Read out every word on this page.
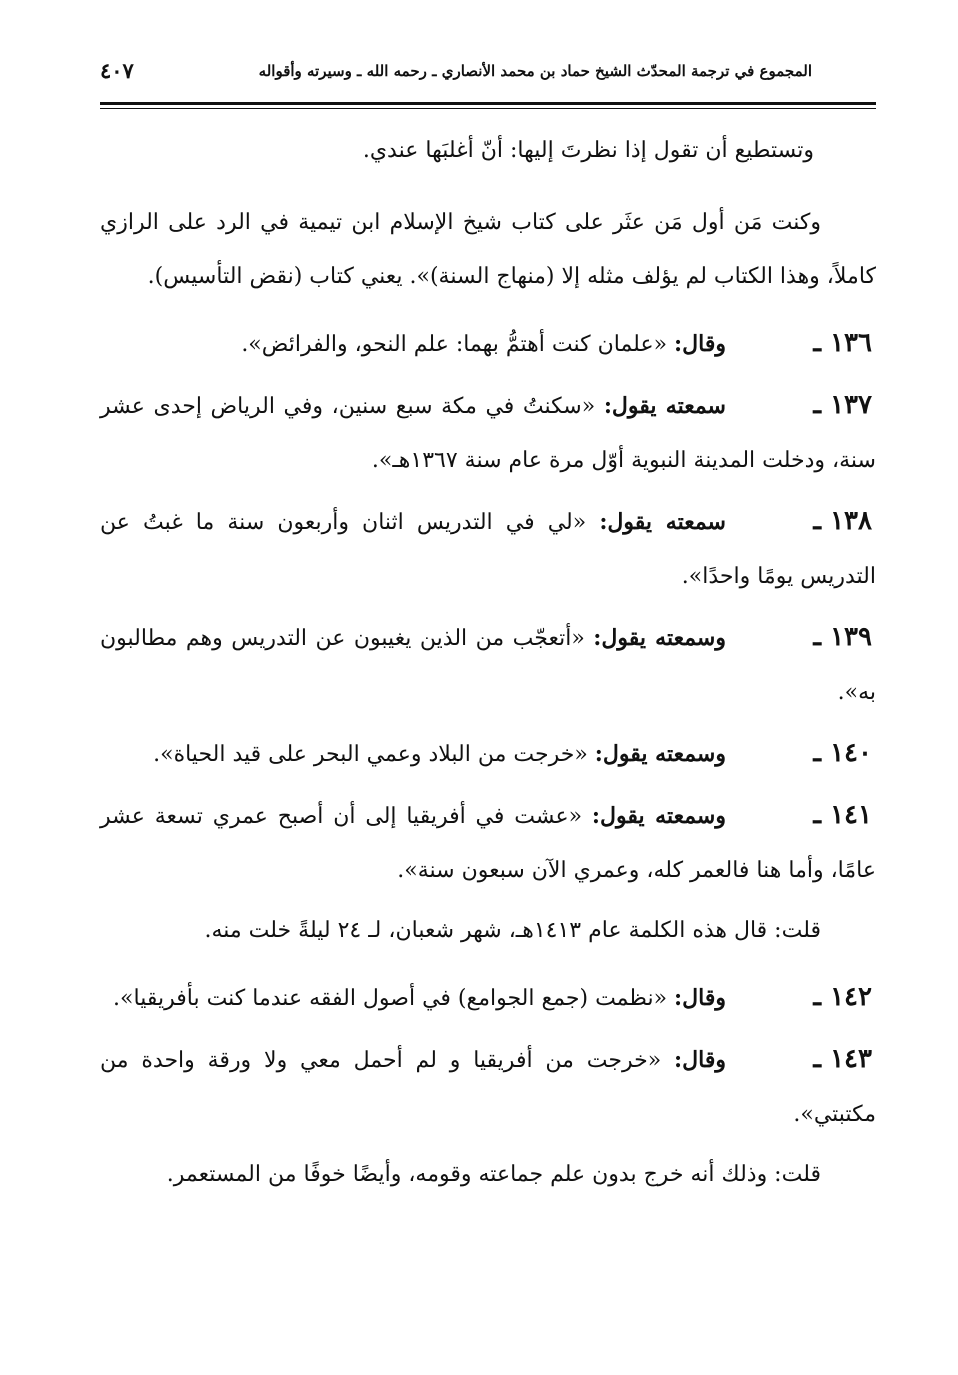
المجموع في ترجمة المحدّث الشيخ حماد بن محمد الأنصاري ـ رحمه الله ـ وسيرته وأقواله
٤٠٧

وتستطيع أن تقول إذا نظرتَ إليها: أنّ أغلبَها عندي.

وكنت مَن أول مَن عثَر على كتاب شيخ الإسلام ابن تيمية في الرد على الرازي كاملاً، وهذا الكتاب لم يؤلف مثله إلا (منهاج السنة)». يعني كتاب (نقض التأسيس).

١٣٦ ـوقال: «علمان كنت أهتمُّ بهما: علم النحو، والفرائض».

١٣٧ ـسمعته يقول: «سكنتُ في مكة سبع سنين، وفي الرياض إحدى عشر سنة، ودخلت المدينة النبوية أوّل مرة عام سنة ١٣٦٧هـ».

١٣٨ ـسمعته يقول: «لي في التدريس اثنان وأربعون سنة ما غبتُ عن التدريس يومًا واحدًا».

١٣٩ ـوسمعته يقول: «أتعجّب من الذين يغيبون عن التدريس وهم مطالبون به».

١٤٠ ـوسمعته يقول: «خرجت من البلاد وعمي البحر على قيد الحياة».

١٤١ ـوسمعته يقول: «عشت في أفريقيا إلى أن أصبح عمري تسعة عشر عامًا، وأما هنا فالعمر كله، وعمري الآن سبعون سنة».

قلت: قال هذه الكلمة عام ١٤١٣هـ، شهر شعبان، لـ ٢٤ ليلةً خلت منه.

١٤٢ ـوقال: «نظمت (جمع الجوامع) في أصول الفقه عندما كنت بأفريقيا».

١٤٣ ـوقال: «خرجت من أفريقيا و لم أحمل معي ولا ورقة واحدة من مكتبتي».

قلت: وذلك أنه خرج بدون علم جماعته وقومه، وأيضًا خوفًا من المستعمر.
